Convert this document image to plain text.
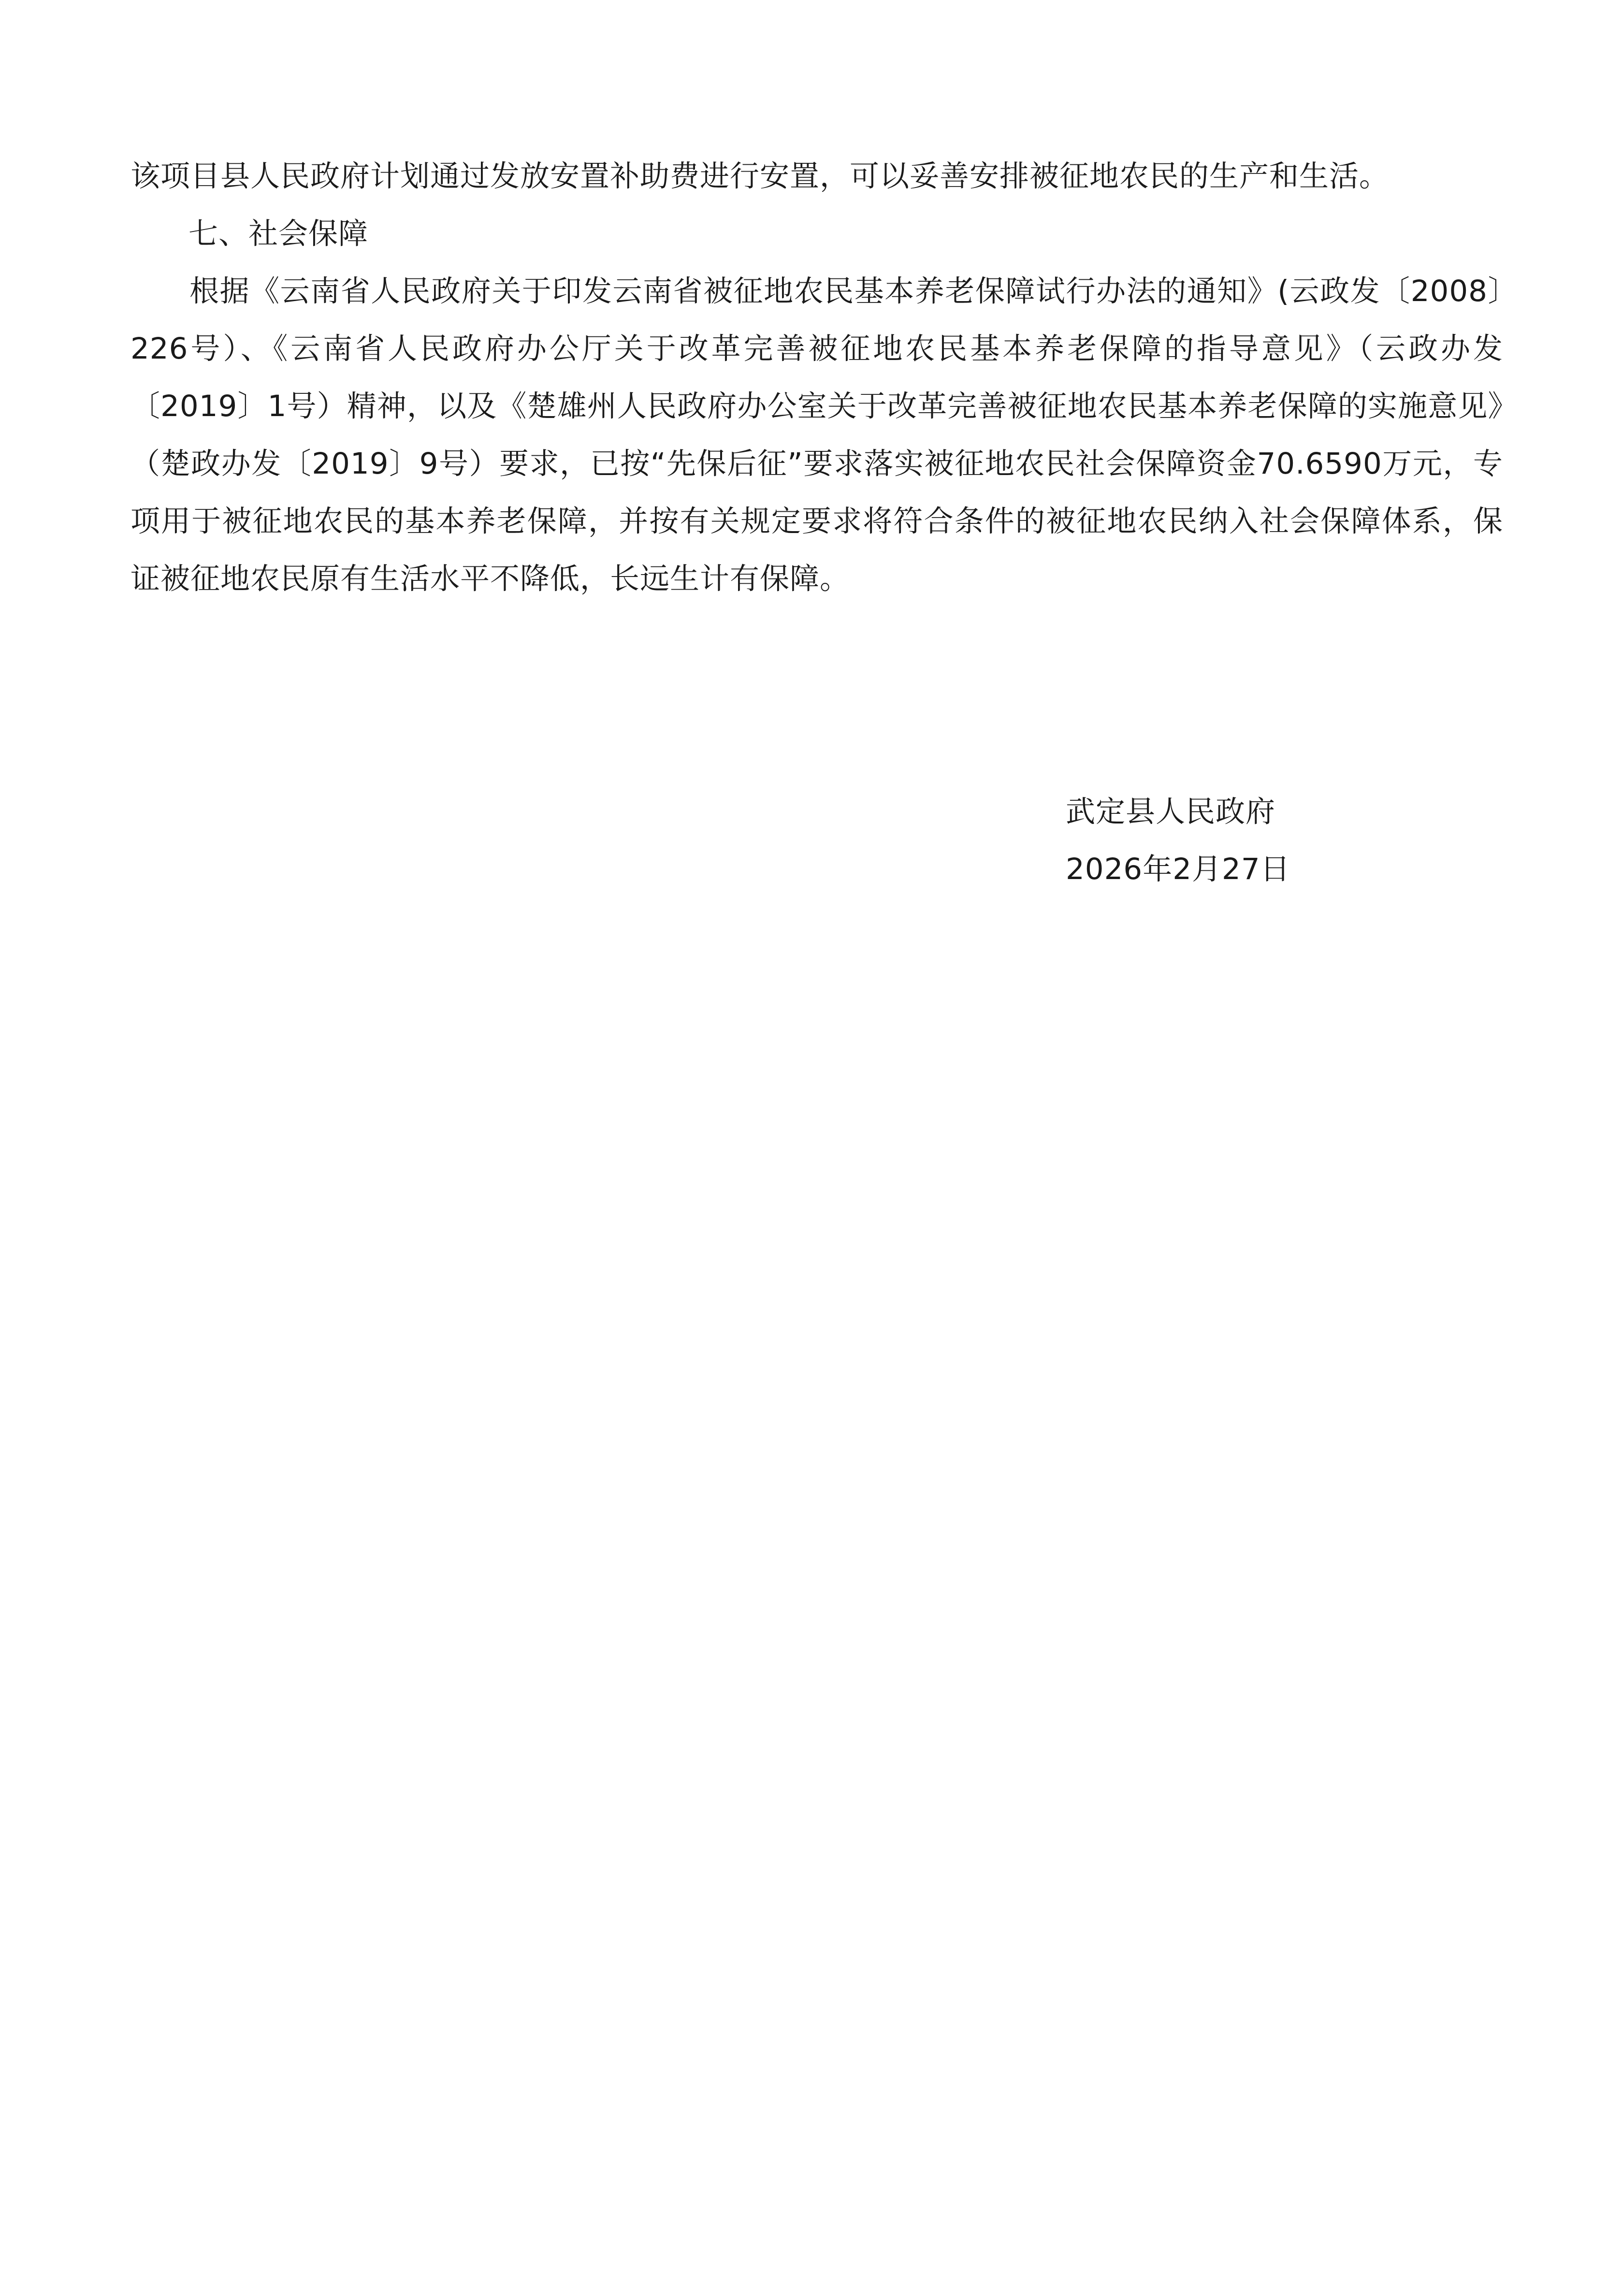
该项目县人民政府计划通过发放安置补助费进行安置，可以妥善安排被征地农民的生产和生活。
七、社会保障
根据《云南省人民政府关于印发云南省被征地农民基本养老保障试行办法的通知》(云政发〔2008〕226号）、《云南省人民政府办公厅关于改革完善被征地农民基本养老保障的指导意见》（云政办发〔2019〕1号）精神，以及《楚雄州人民政府办公室关于改革完善被征地农民基本养老保障的实施意见》（楚政办发〔2019〕9号）要求，已按“先保后征”要求落实被征地农民社会保障资金70.6590万元，专项用于被征地农民的基本养老保障，并按有关规定要求将符合条件的被征地农民纳入社会保障体系，保证被征地农民原有生活水平不降低，长远生计有保障。
武定县人民政府
2026年2月27日
